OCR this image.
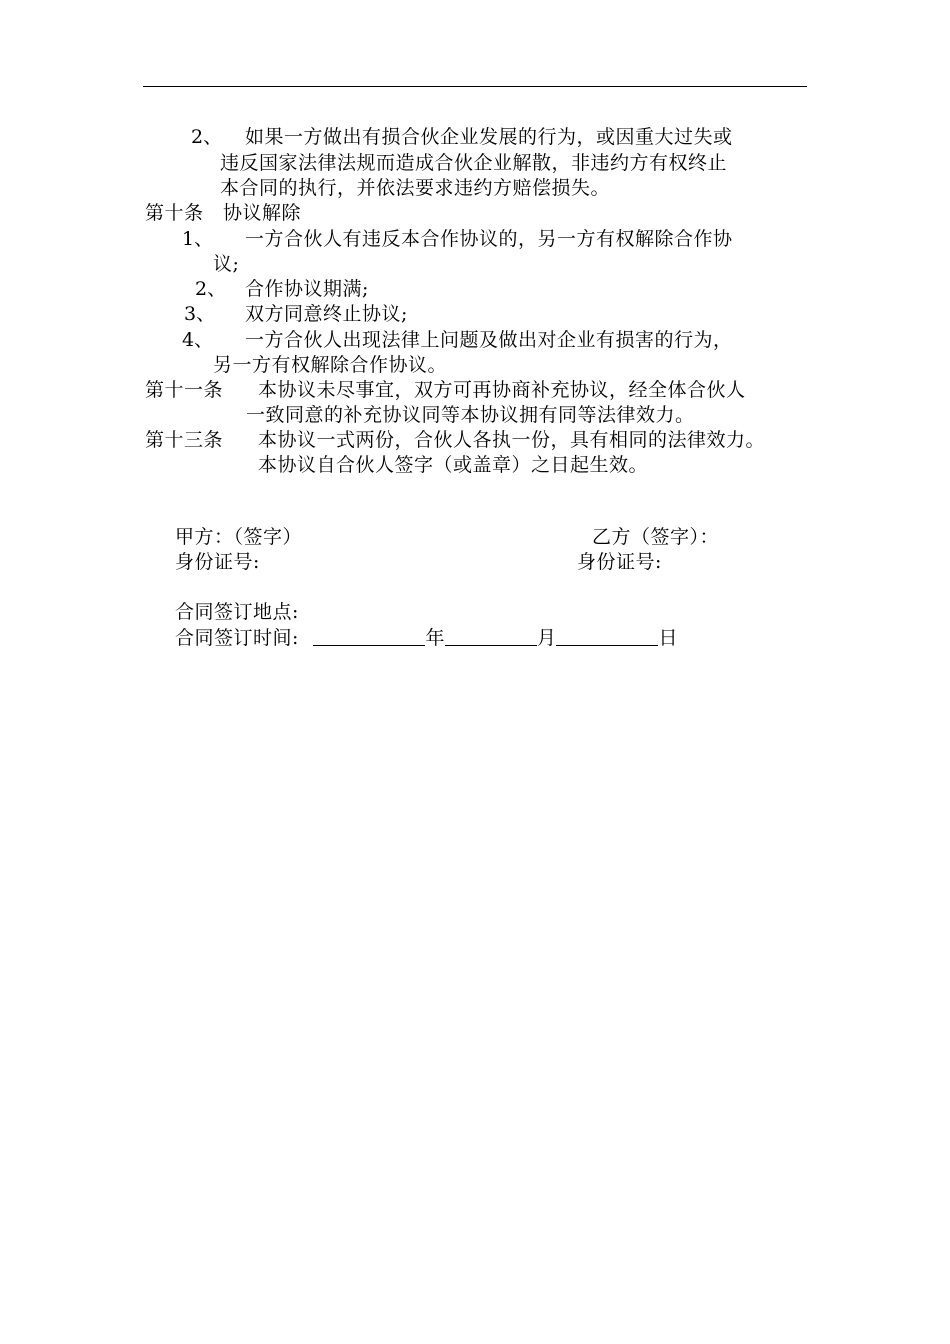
2、 如果一方做出有损合伙企业发展的行为，或因重大过失或
违反国家法律法规而造成合伙企业解散，非违约方有权终止
本合同的执行，并依法要求违约方赔偿损失。
第十条　协议解除
1、 一方合伙人有违反本合作协议的，另一方有权解除合作协
议;
2、 合作协议期满;
3、 双方同意终止协议;
4、 一方合伙人出现法律上问题及做出对企业有损害的行为，
另一方有权解除合作协议。
第十一条 本协议未尽事宜，双方可再协商补充协议，经全体合伙人
一致同意的补充协议同等本协议拥有同等法律效力。
第十三条 本协议一式两份，合伙人各执一份，具有相同的法律效力。
本协议自合伙人签字（或盖章）之日起生效。
甲方：（签字）	乙方（签字）：
身份证号:	身份证号:
合同签订地点:
合同签订时间:	年	月	日
